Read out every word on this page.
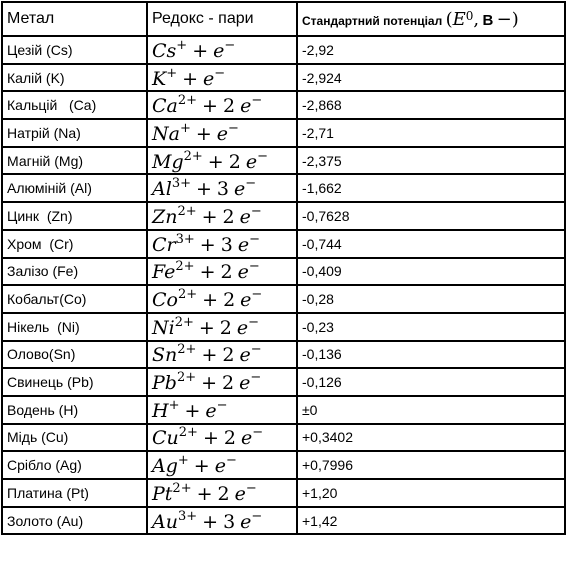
Метал	Редокс - пари	Стандартний потенціал ($E^0$, В −)
Цезій (Cs)	Cs+ + e−	-2,92
Калій (K)	K+ + e−	-2,924
Кальцій   (Ca)	$Ca^{2+} + 2$ e−	-2,868
Натрій (Na)	Na+ + e−	-2,71
Магній (Mg)	$Mg^{2+} + 2$ e−	-2,375
Алюміній (Al)	$Al^{3+} + 3$ e−	-1,662
Цинк  (Zn)	$Zn^{2+} + 2$ e−	-0,7628
Хром  (Cr)	$Cr^{3+} + 3$ e−	-0,744
Залізо (Fe)	$Fe^{2+} + 2$ e−	-0,409
Кобальт(Co)	$Co^{2+} + 2$ e−	-0,28
Нікель  (Ni)	$Ni^{2+} + 2$ e−	-0,23
Олово(Sn)	$Sn^{2+} + 2$ e−	-0,136
Свинець (Pb)	$Pb^{2+} + 2$ e−	-0,126
Водень (H)	H+ + e−	±0
Мідь (Cu)	$Cu^{2+} + 2$ e−	+0,3402
Срібло (Ag)	Ag+ + e−	+0,7996
Платина (Pt)	$Pt^{2+} + 2$ e−	+1,20
Золото (Au)	$Au^{3+} + 3$ e−	+1,42
